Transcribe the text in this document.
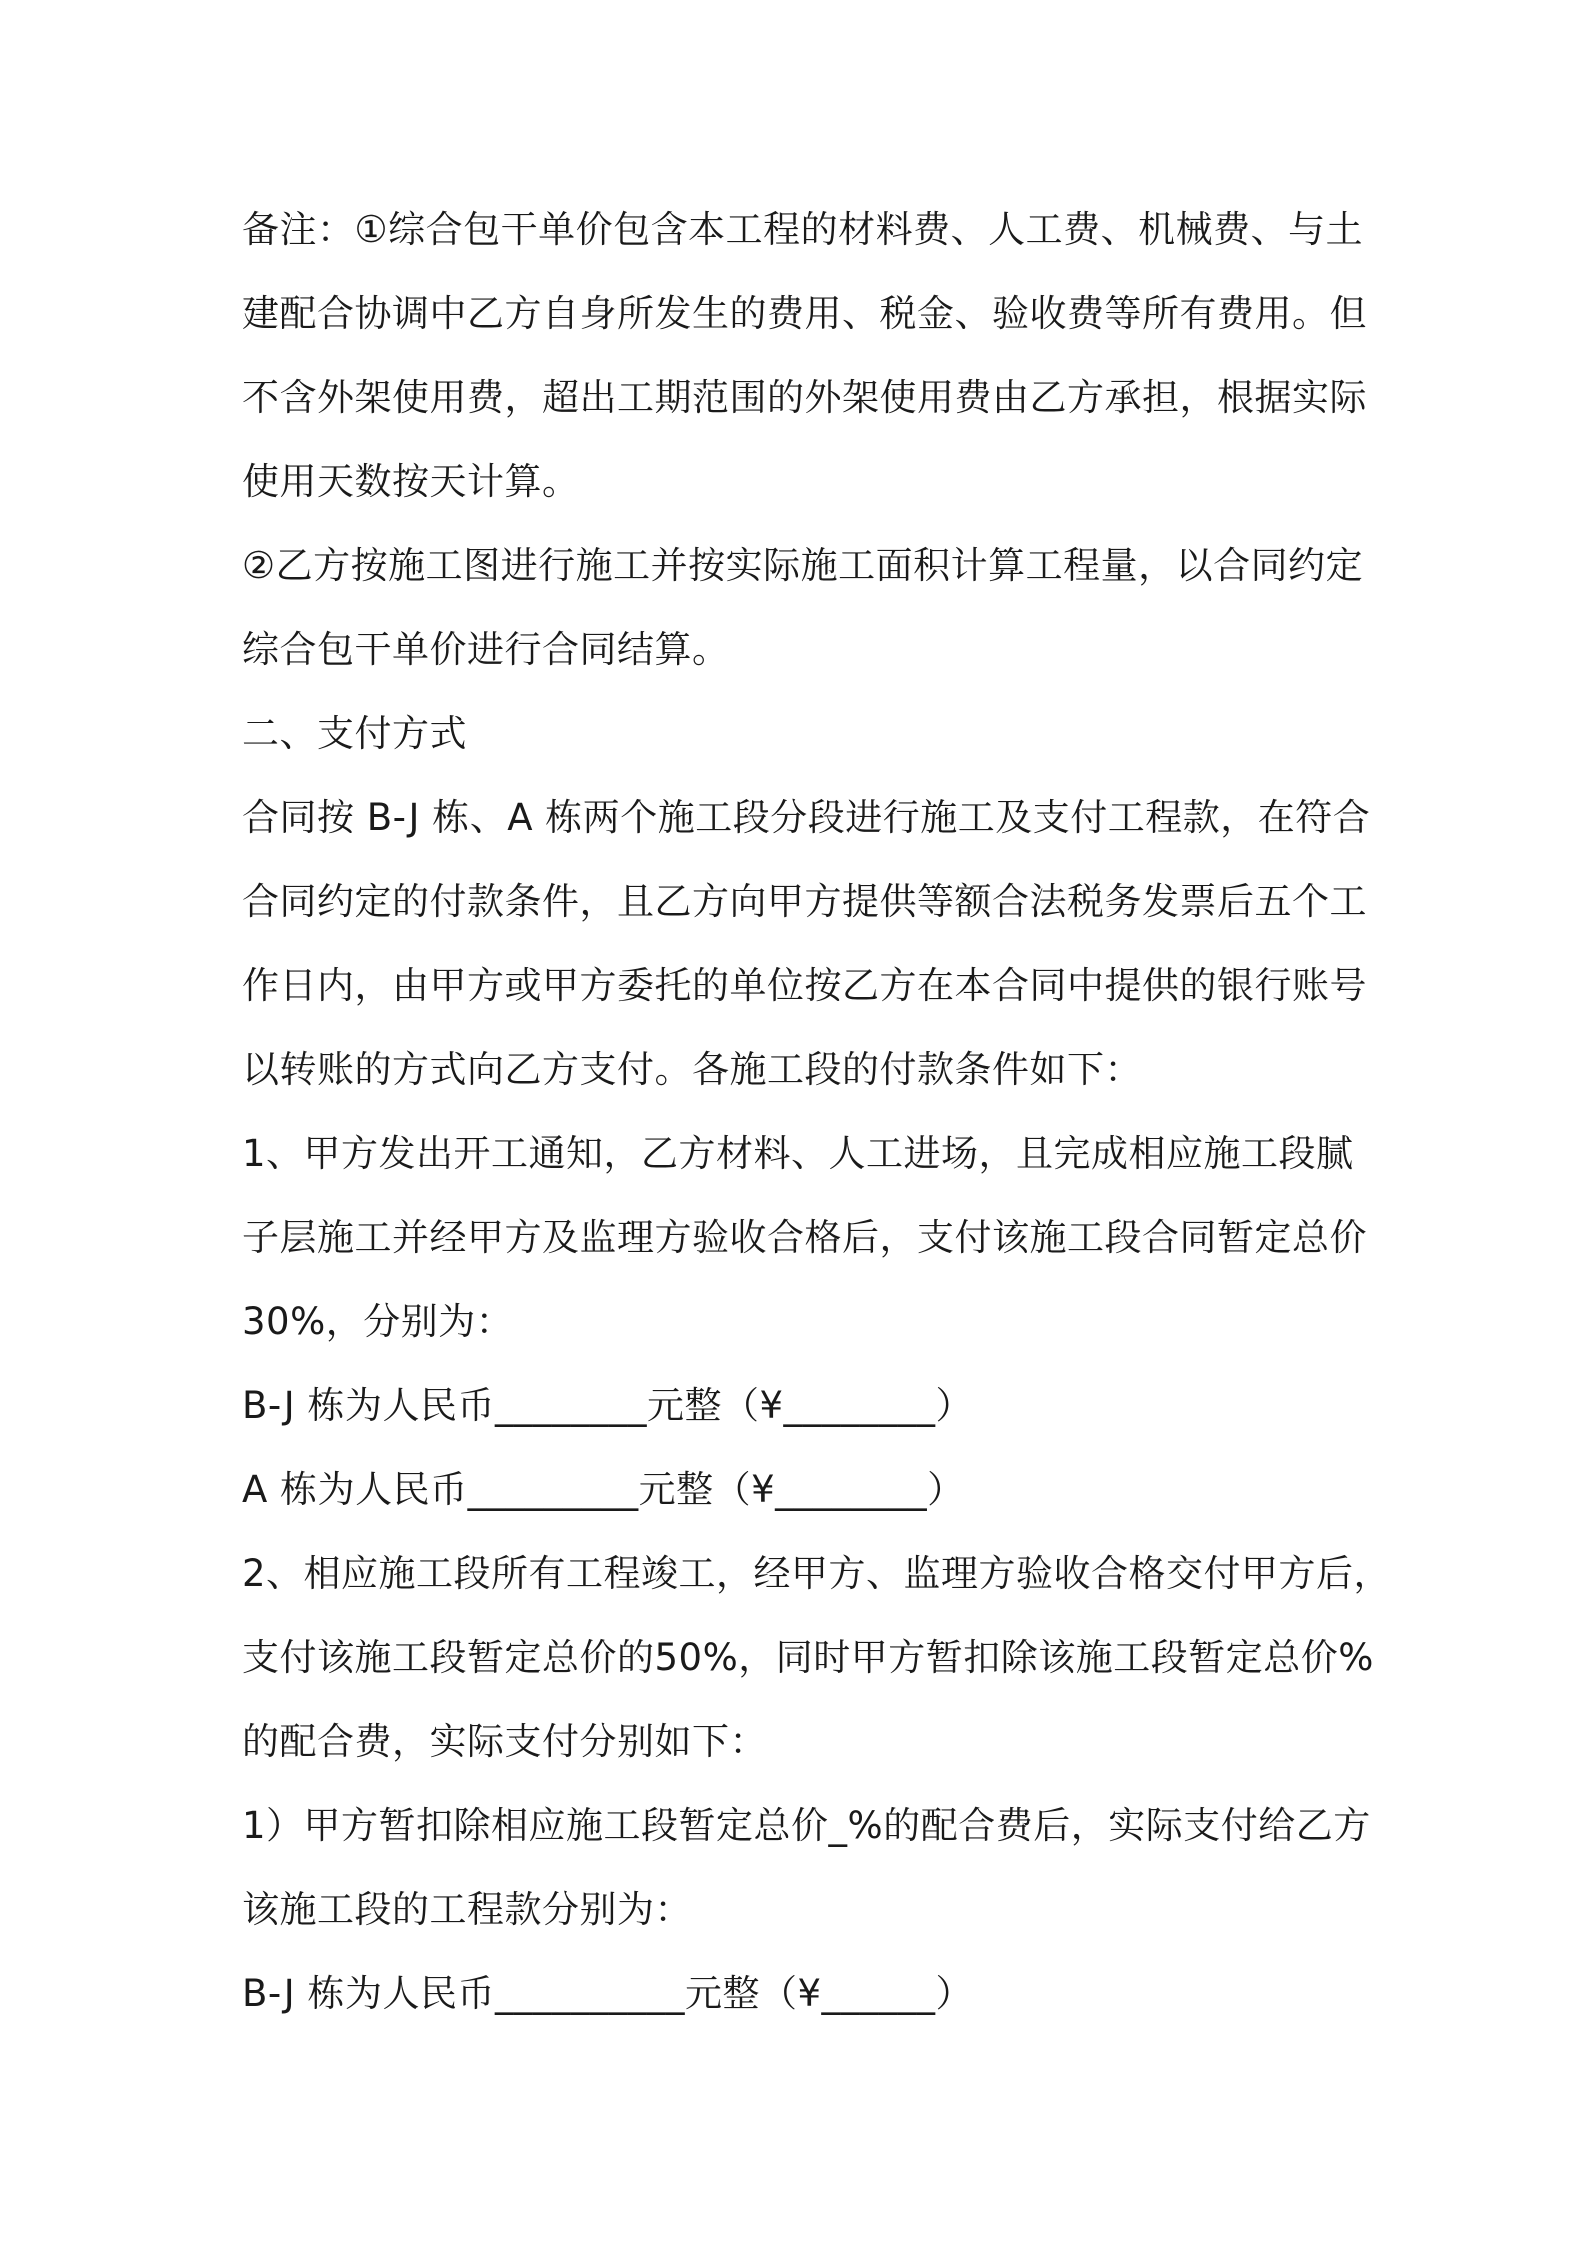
备注：①综合包干单价包含本工程的材料费、人工费、机械费、与土
建配合协调中乙方自身所发生的费用、税金、验收费等所有费用。但
不含外架使用费，超出工期范围的外架使用费由乙方承担，根据实际
使用天数按天计算。
②乙方按施工图进行施工并按实际施工面积计算工程量，以合同约定
综合包干单价进行合同结算。
二、支付方式
合同按 B-J 栋、A 栋两个施工段分段进行施工及支付工程款，在符合
合同约定的付款条件，且乙方向甲方提供等额合法税务发票后五个工
作日内，由甲方或甲方委托的单位按乙方在本合同中提供的银行账号
以转账的方式向乙方支付。各施工段的付款条件如下：
1、甲方发出开工通知，乙方材料、人工进场，且完成相应施工段腻
子层施工并经甲方及监理方验收合格后，支付该施工段合同暂定总价
30%，分别为：
B-J 栋为人民币________元整（¥________）
A 栋为人民币_________元整（¥________）
2、相应施工段所有工程竣工，经甲方、监理方验收合格交付甲方后，
支付该施工段暂定总价的50%，同时甲方暂扣除该施工段暂定总价%
的配合费，实际支付分别如下：
1）甲方暂扣除相应施工段暂定总价_%的配合费后，实际支付给乙方
该施工段的工程款分别为：
B-J 栋为人民币__________元整（¥______）
